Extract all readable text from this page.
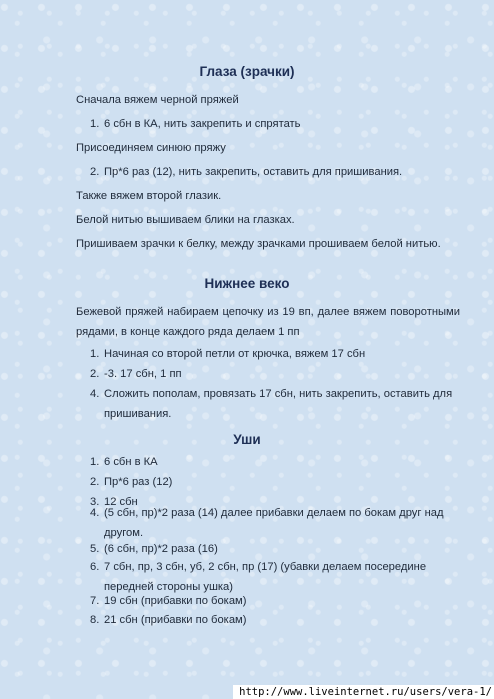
Глаза (зрачки)
Сначала вяжем черной пряжей
1. 6 сбн в КА, нить закрепить и спрятать
Присоединяем синюю пряжу
2. Пр*6 раз (12), нить закрепить, оставить для пришивания.
Также вяжем второй глазик.
Белой нитью вышиваем блики на глазках.
Пришиваем зрачки к белку, между зрачками прошиваем белой нитью.
Нижнее веко
Бежевой пряжей набираем цепочку из 19 вп, далее вяжем поворотными рядами, в конце каждого ряда делаем 1 пп
1. Начиная со второй петли от крючка, вяжем 17 сбн
2. -3. 17 сбн, 1 пп
4. Сложить пополам, провязать 17 сбн, нить закрепить, оставить для пришивания.
Уши
1. 6 сбн в КА
2. Пр*6 раз (12)
3. 12 сбн
4. (5 сбн, пр)*2 раза (14) далее прибавки делаем по бокам друг над другом.
5. (6 сбн, пр)*2 раза (16)
6. 7 сбн, пр, 3 сбн, уб, 2 сбн, пр (17) (убавки делаем посередине передней стороны ушка)
7. 19 сбн (прибавки по бокам)
8. 21 сбн (прибавки по бокам)
http://www.liveinternet.ru/users/vera-1/
